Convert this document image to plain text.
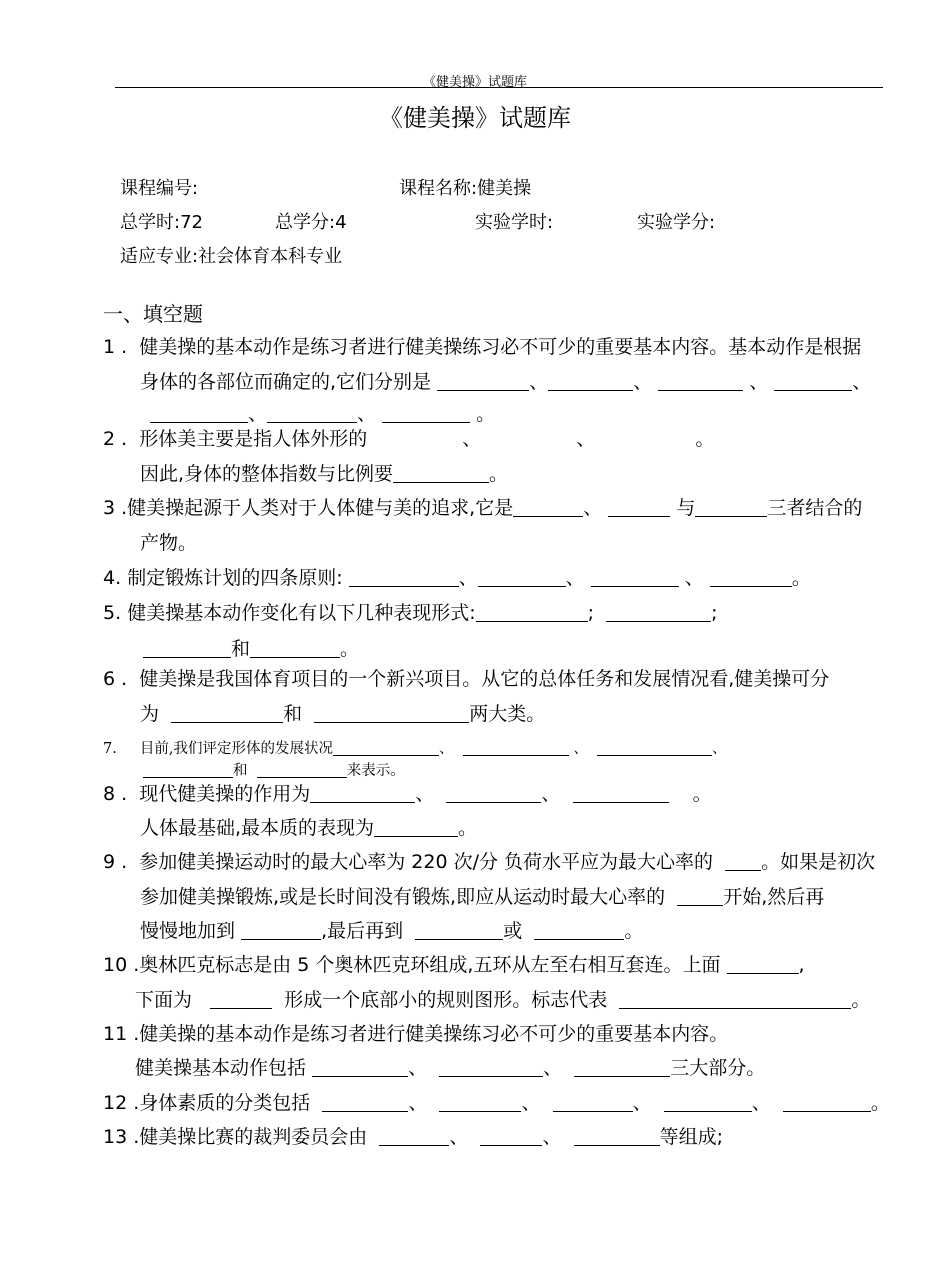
《健美操》试题库
《健美操》试题库
课程编号:	课程名称:健美操
总学时:72	总学分:4	实验学时:	实验学分:
适应专业:社会体育本科专业
一、填空题
1 . 健美操的基本动作是练习者进行健美操练习必不可少的重要基本内容。基本动作是根据
身体的各部位而确定的,它们分别是	、	、	、	、
、	、	。
2 . 形体美主要是指人体外形的	、	、	。
因此,身体的整体指数与比例要	。
3 .健美操起源于人类对于人体健与美的追求,它是	、	与	三者结合的
产物。
4. 制定锻炼计划的四条原则:	、	、	、	。
5. 健美操基本动作变化有以下几种表现形式:	;	;
和	。
6 . 健美操是我国体育项目的一个新兴项目。从它的总体任务和发展情况看,健美操可分
为	和	两大类。
7. 目前,我们评定形体的发展状况	、	、	、
和	来表示。
8 . 现代健美操的作用为	、	、	。
人体最基础,最本质的表现为	。
9 . 参加健美操运动时的最大心率为 220 次/分 负荷水平应为最大心率的	。如果是初次
参加健美操锻炼,或是长时间没有锻炼,即应从运动时最大心率的	开始,然后再
慢慢地加到	,最后再到	或	。
10 .奥林匹克标志是由 5 个奥林匹克环组成,五环从左至右相互套连。上面	,
下面为	形成一个底部小的规则图形。标志代表	。
11 .健美操的基本动作是练习者进行健美操练习必不可少的重要基本内容。
健美操基本动作包括	、	、	三大部分。
12 .身体素质的分类包括	、	、	、	、	。
13 .健美操比赛的裁判委员会由	、	、	等组成;
